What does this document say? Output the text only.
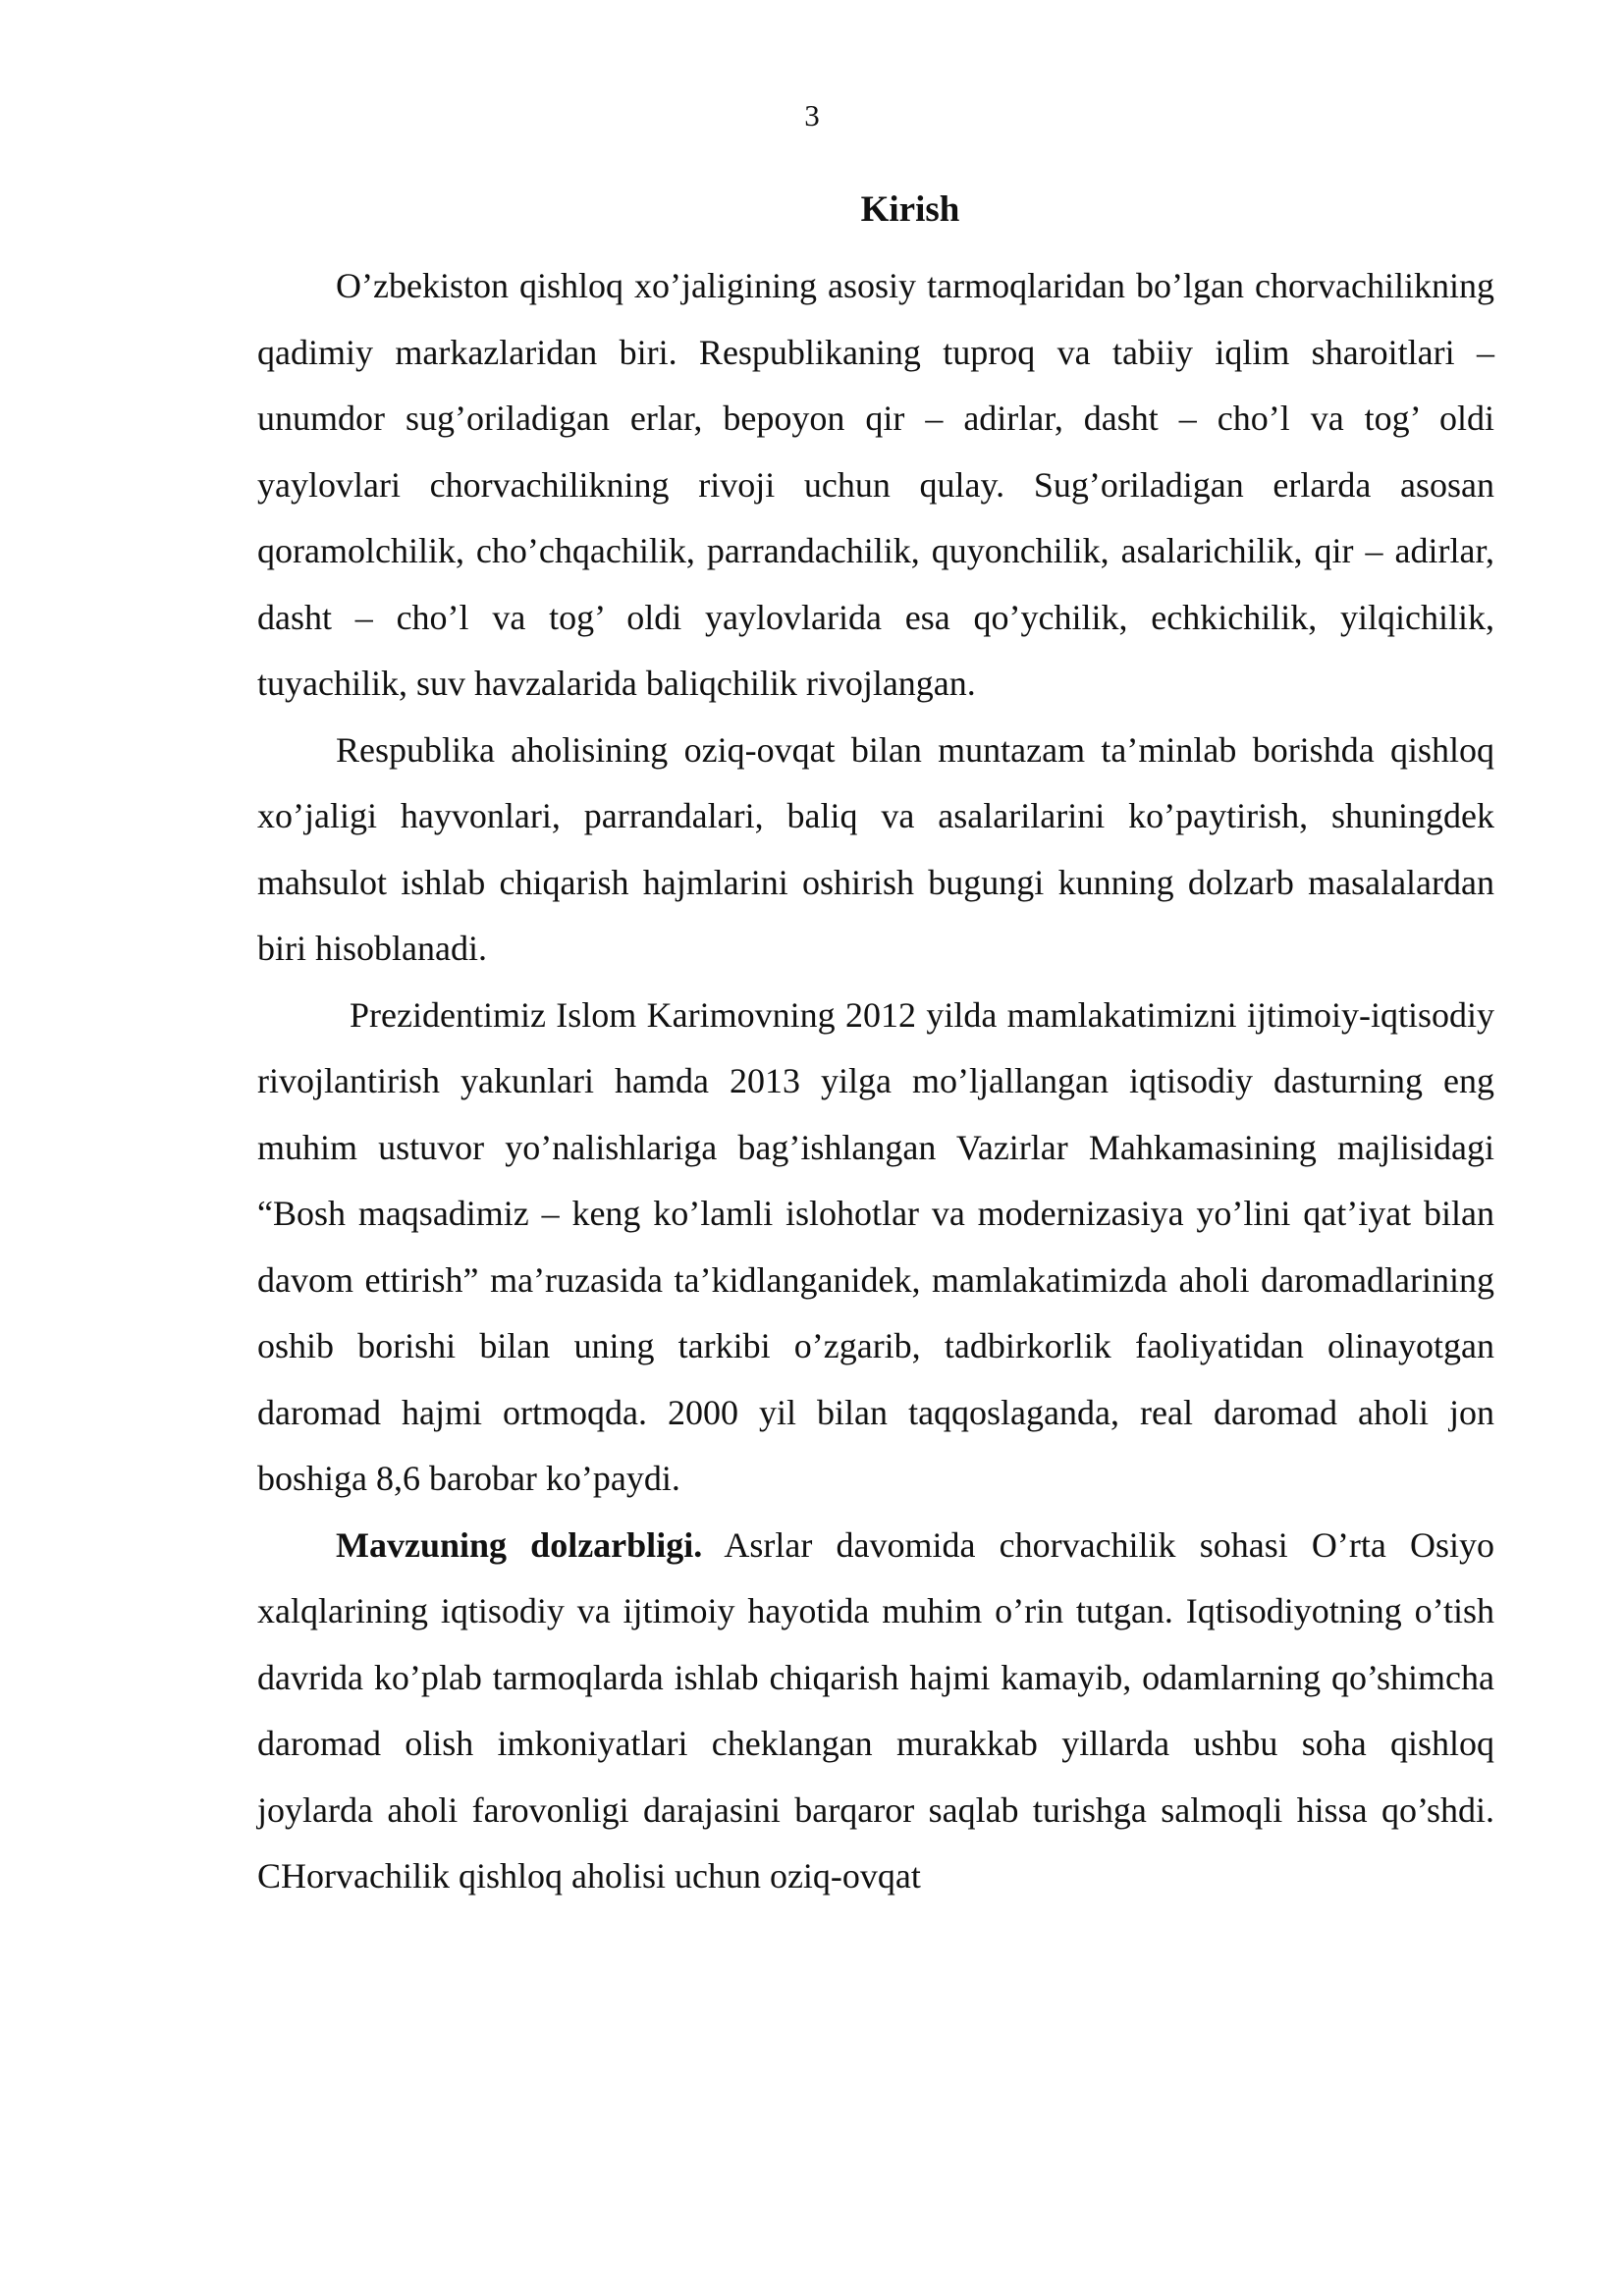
3
Kirish

O’zbekiston qishloq xo’jaligining asosiy tarmoqlaridan bo’lgan chorvachilikning qadimiy markazlaridan biri. Respublikaning tuproq va tabiiy iqlim sharoitlari – unumdor sug’oriladigan erlar, bepoyon qir – adirlar, dasht – cho’l va tog’ oldi yaylovlari chorvachilikning rivoji uchun qulay. Sug’oriladigan erlarda asosan qoramolchilik, cho’chqachilik, parrandachilik, quyonchilik, asalarichilik, qir – adirlar, dasht – cho’l va tog’ oldi yaylovlarida esa qo’ychilik, echkichilik, yilqichilik, tuyachilik, suv havzalarida baliqchilik rivojlangan.

Respublika aholisining oziq-ovqat bilan muntazam ta’minlab borishda qishloq xo’jaligi hayvonlari, parrandalari, baliq va asalarilarini ko’paytirish, shuningdek mahsulot ishlab chiqarish hajmlarini oshirish bugungi kunning dolzarb masalalardan biri hisoblanadi.

Prezidentimiz Islom Karimovning 2012 yilda mamlakatimizni ijtimoiy-iqtisodiy rivojlantirish yakunlari hamda 2013 yilga mo’ljallangan iqtisodiy dasturning eng muhim ustuvor yo’nalishlariga bag’ishlangan Vazirlar Mahkamasining majlisidagi “Bosh maqsadimiz – keng ko’lamli islohotlar va modernizasiya yo’lini qat’iyat bilan davom ettirish” ma’ruzasida ta’kidlanganidek, mamlakatimizda aholi daromadlarining oshib borishi bilan uning tarkibi o’zgarib, tadbirkorlik faoliyatidan olinayotgan daromad hajmi ortmoqda. 2000 yil bilan taqqoslaganda, real daromad aholi jon boshiga 8,6 barobar ko’paydi.

Mavzuning dolzarbligi. Asrlar davomida chorvachilik sohasi O’rta Osiyo xalqlarining iqtisodiy va ijtimoiy hayotida muhim o’rin tutgan. Iqtisodiyotning o’tish davrida ko’plab tarmoqlarda ishlab chiqarish hajmi kamayib, odamlarning qo’shimcha daromad olish imkoniyatlari cheklangan murakkab yillarda ushbu soha qishloq joylarda aholi farovonligi darajasini barqaror saqlab turishga salmoqli hissa qo’shdi. CHorvachilik qishloq aholisi uchun oziq-ovqat
